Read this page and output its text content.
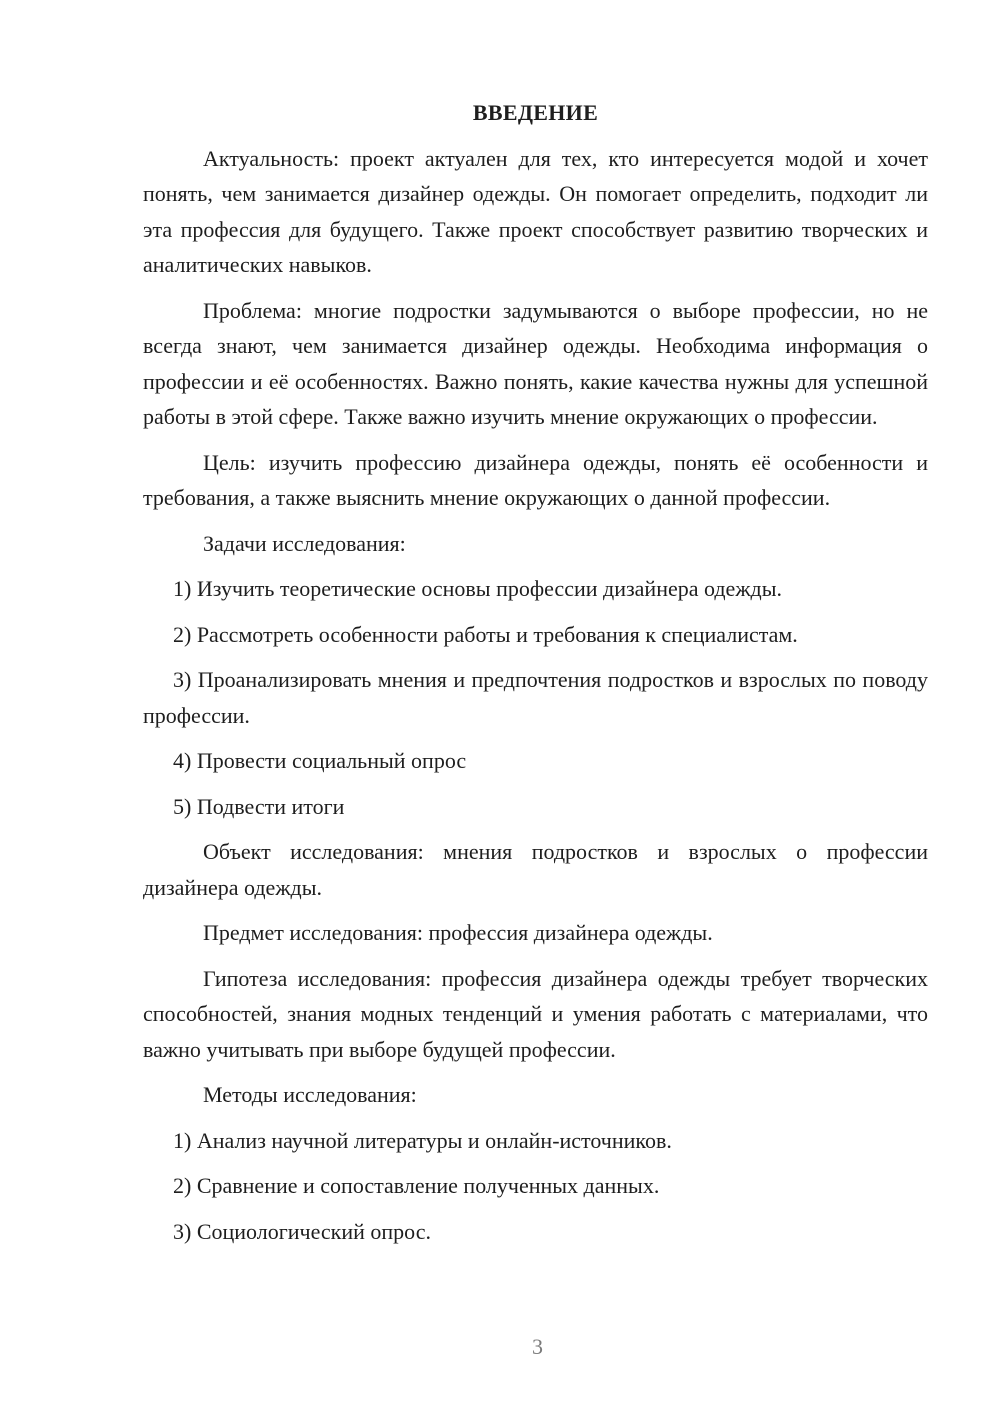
ВВЕДЕНИЕ

Актуальность: проект актуален для тех, кто интересуется модой и хочет понять, чем занимается дизайнер одежды. Он помогает определить, подходит ли эта профессия для будущего. Также проект способствует развитию творческих и аналитических навыков.

Проблема: многие подростки задумываются о выборе профессии, но не всегда знают, чем занимается дизайнер одежды. Необходима информация о профессии и её особенностях. Важно понять, какие качества нужны для успешной работы в этой сфере. Также важно изучить мнение окружающих о профессии.

Цель: изучить профессию дизайнера одежды, понять её особенности и требования, а также выяснить мнение окружающих о данной профессии.

Задачи исследования:

1) Изучить теоретические основы профессии дизайнера одежды.

2) Рассмотреть особенности работы и требования к специалистам.

3) Проанализировать мнения и предпочтения подростков и взрослых по поводу профессии.

4) Провести социальный опрос

5) Подвести итоги

Объект исследования: мнения подростков и взрослых о профессии дизайнера одежды.

Предмет исследования: профессия дизайнера одежды.

Гипотеза исследования: профессия дизайнера одежды требует творческих способностей, знания модных тенденций и умения работать с материалами, что важно учитывать при выборе будущей профессии.

Методы исследования:

1) Анализ научной литературы и онлайн-источников.

2) Сравнение и сопоставление полученных данных.

3) Социологический опрос.

3
